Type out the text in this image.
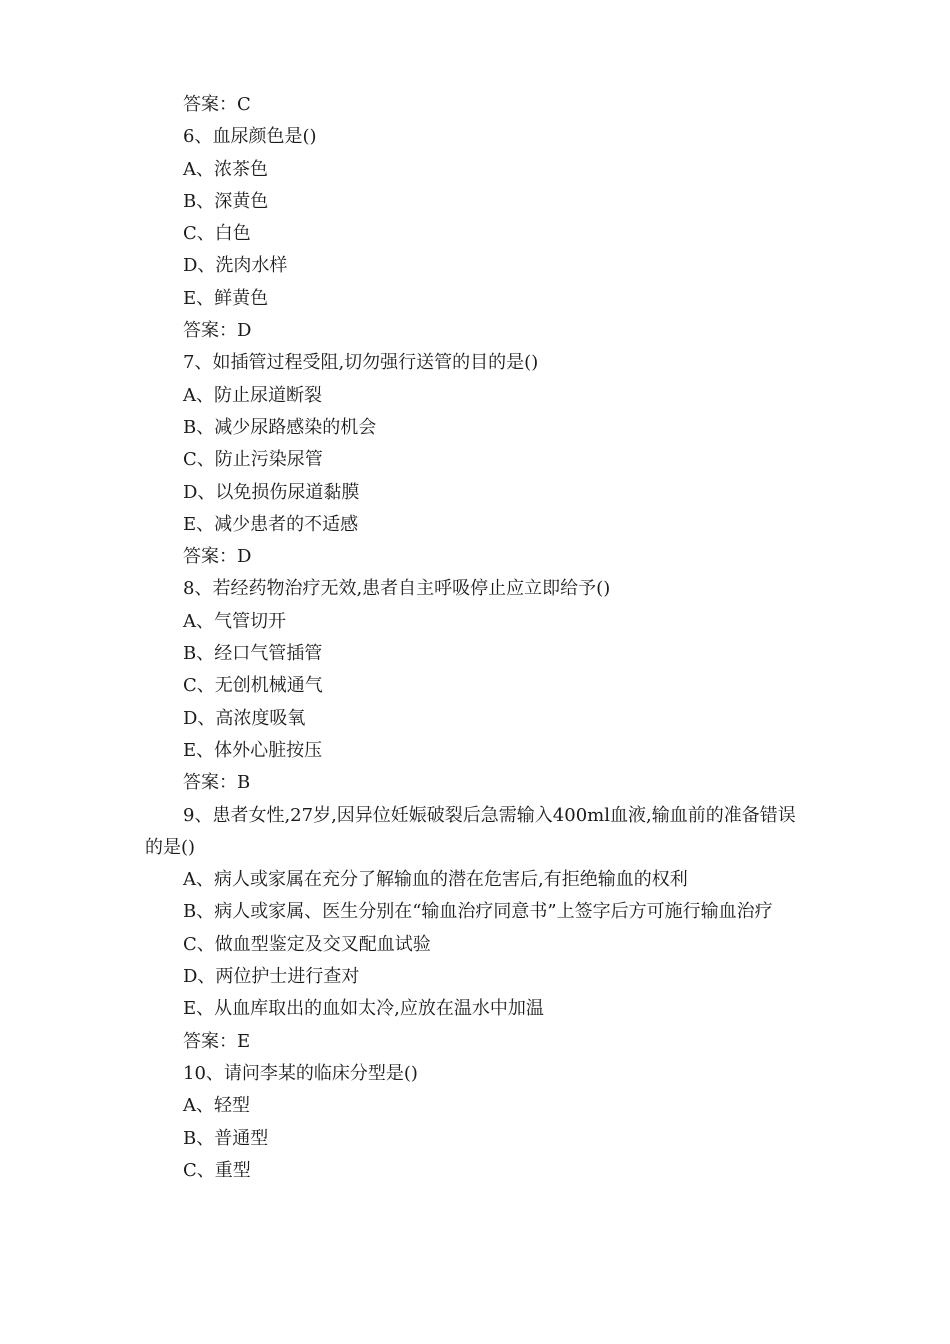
答案：C

6、血尿颜色是()

A、浓茶色

B、深黄色

C、白色

D、洗肉水样

E、鲜黄色

答案：D

7、如插管过程受阻,切勿强行送管的目的是()

A、防止尿道断裂

B、减少尿路感染的机会

C、防止污染尿管

D、以免损伤尿道黏膜

E、减少患者的不适感

答案：D

8、若经药物治疗无效,患者自主呼吸停止应立即给予()

A、气管切开

B、经口气管插管

C、无创机械通气

D、高浓度吸氧

E、体外心脏按压

答案：B

9、患者女性,27岁,因异位妊娠破裂后急需输入400ml血液,输血前的准备错误的是()

A、病人或家属在充分了解输血的潜在危害后,有拒绝输血的权利

B、病人或家属、医生分别在“输血治疗同意书”上签字后方可施行输血治疗

C、做血型鉴定及交叉配血试验

D、两位护士进行查对

E、从血库取出的血如太冷,应放在温水中加温

答案：E

10、请问李某的临床分型是()

A、轻型

B、普通型

C、重型
